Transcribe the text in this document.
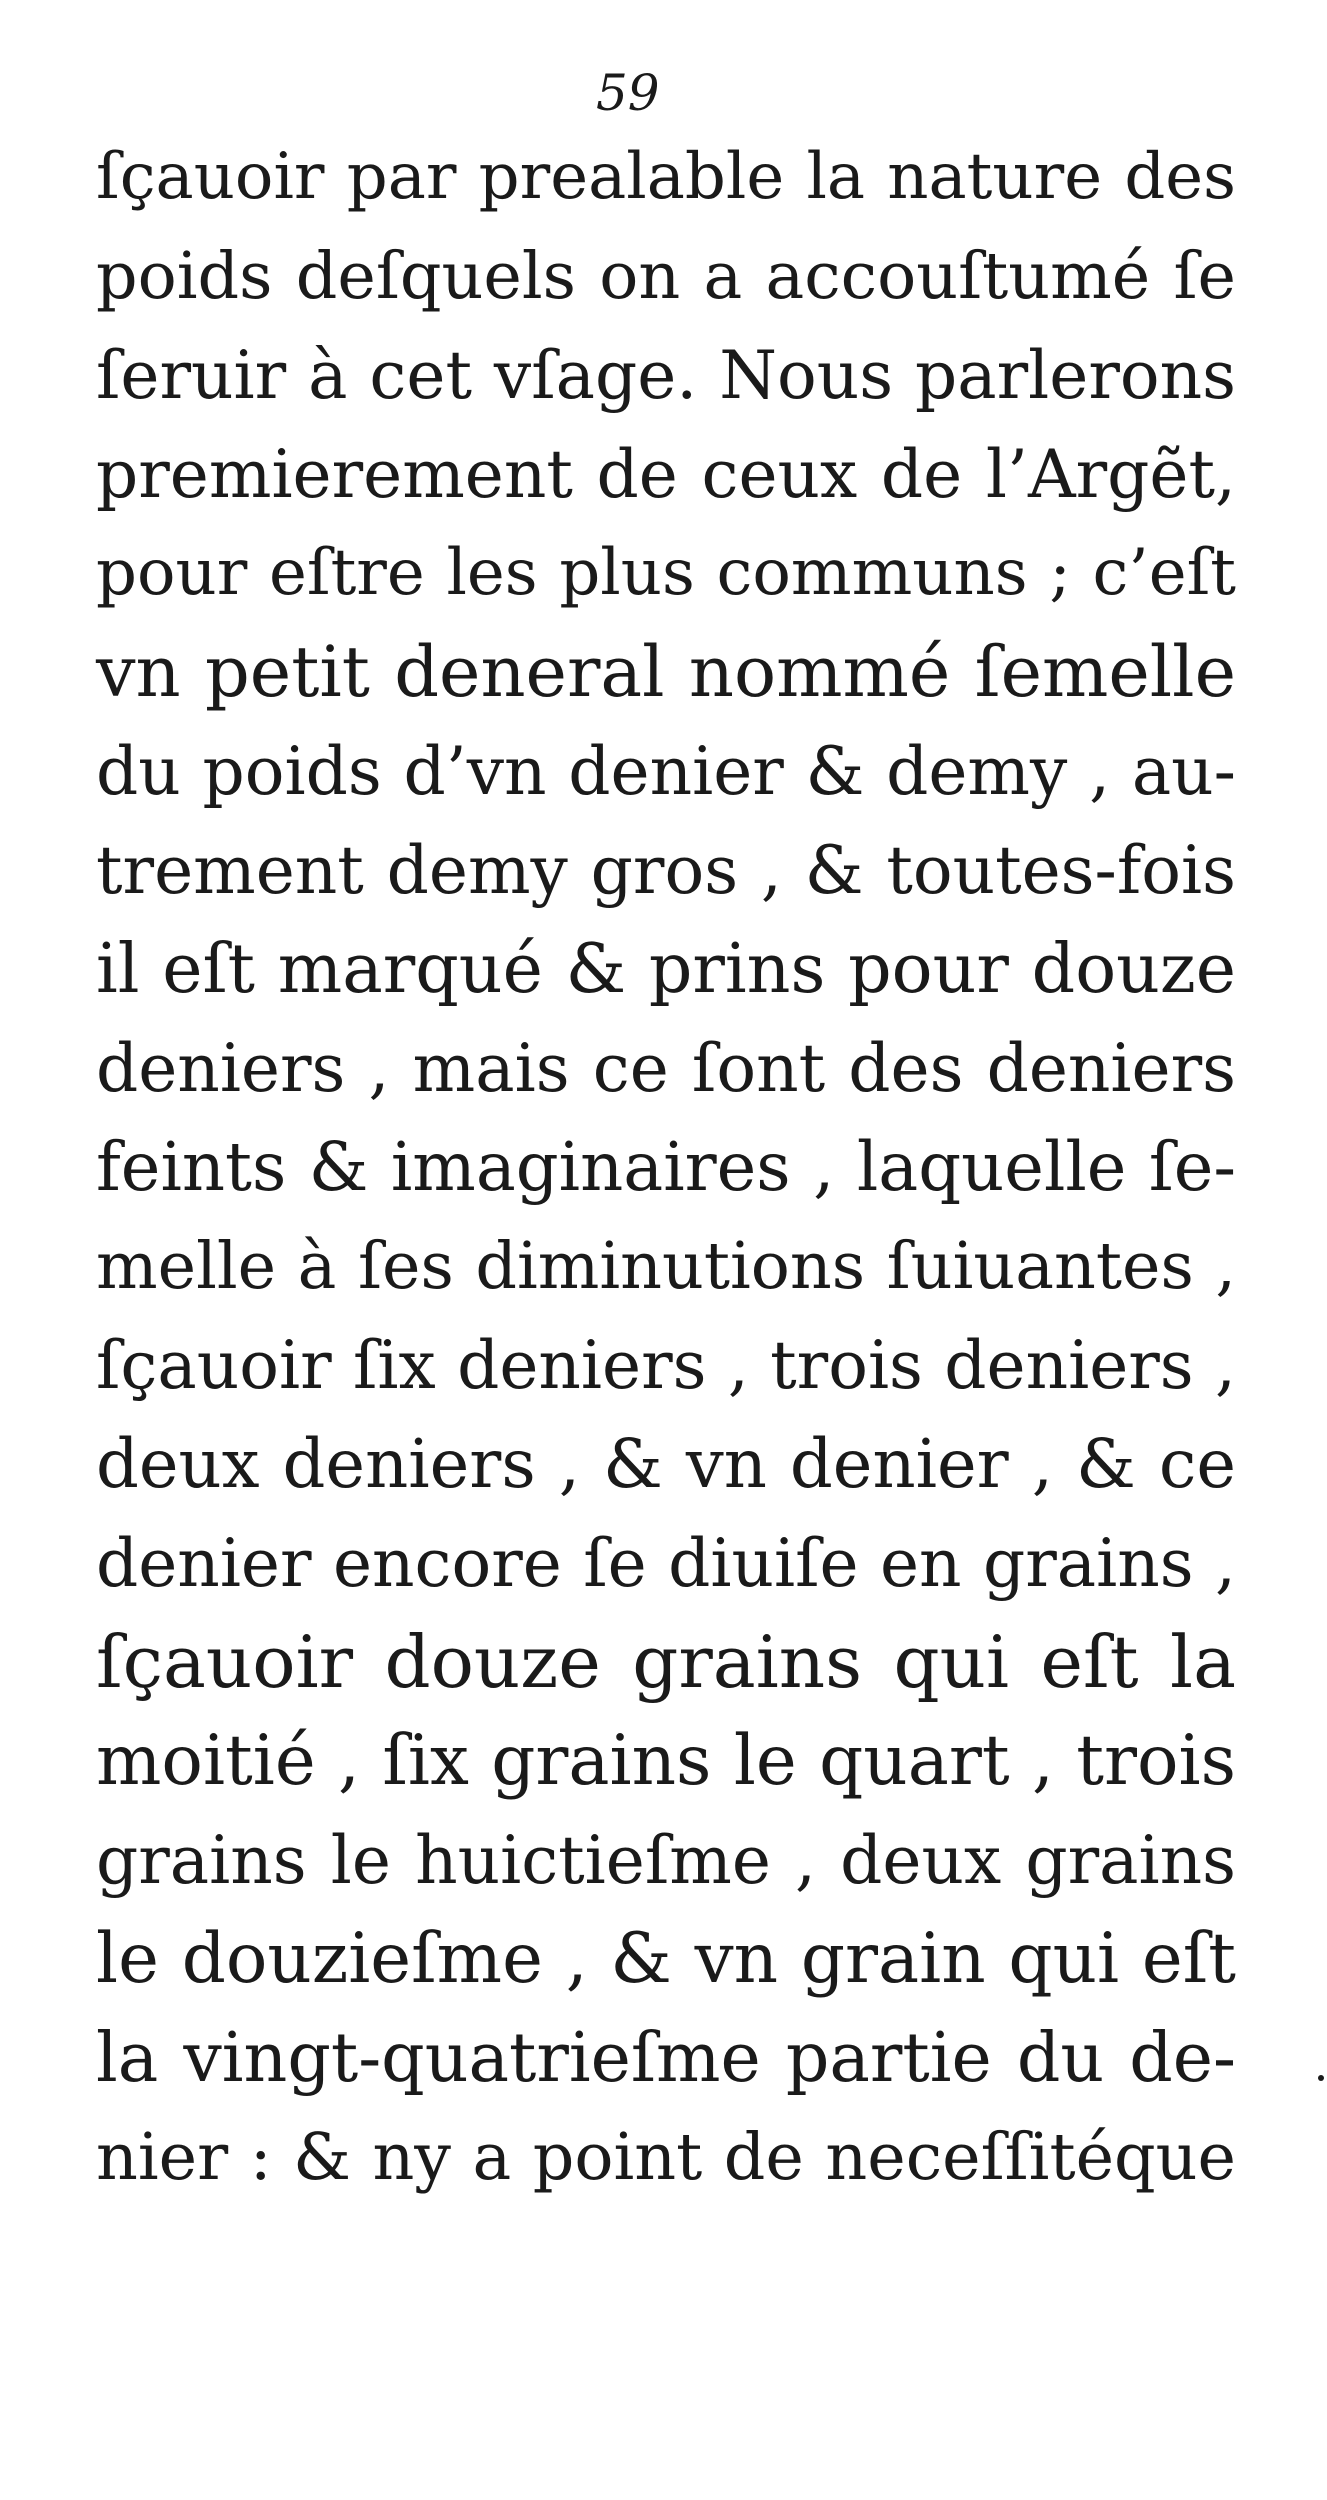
59
ſçauoir par prealable la nature des
poids deſquels on a accouſtumé ſe
ſeruir à cet vſage. Nous parlerons
premierement de ceux de l’Argẽt,
pour eſtre les plus communs ; c’eſt
vn petit deneral nommé ſemelle
du poids d’vn denier & demy , au-
trement demy gros , & toutes-fois
il eſt marqué & prins pour douze
deniers , mais ce ſont des deniers
feints & imaginaires , laquelle ſe-
melle à ſes diminutions ſuiuantes ,
ſçauoir ſix deniers , trois deniers ,
deux deniers , & vn denier , & ce
denier encore ſe diuiſe en grains ,
ſçauoir douze grains qui eſt la
moitié , ſix grains le quart , trois
grains le huictieſme , deux grains
le douzieſme , & vn grain qui eſt
la vingt-quatrieſme partie du de-
nier : & ny a point de neceſſitéque
